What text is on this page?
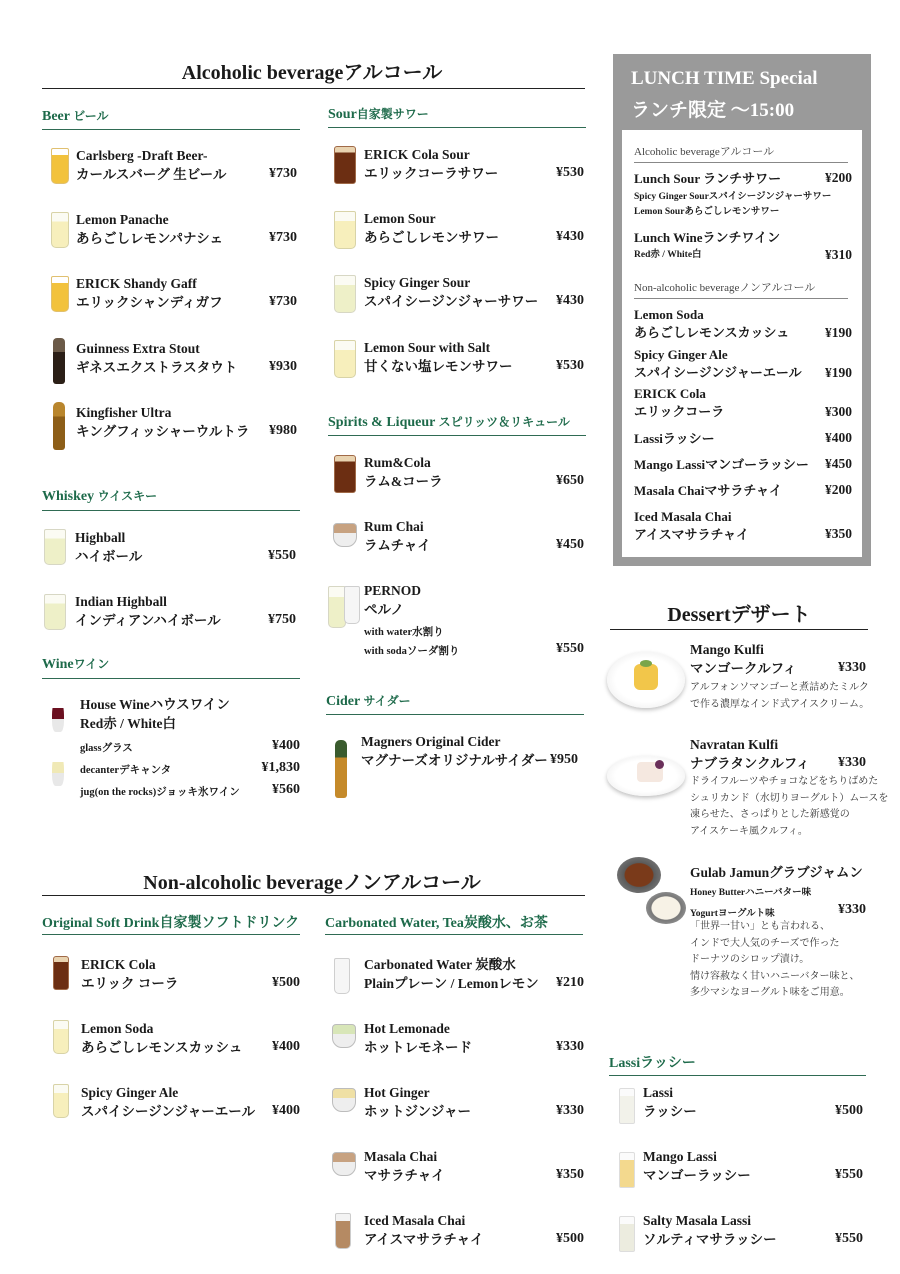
Alcoholic beverageアルコール
Beer ビール
Carlsberg -Draft Beer-
カールスバーグ 生ビール	¥730
Lemon Panache
あらごしレモンパナシェ	¥730
ERICK Shandy Gaff
エリックシャンディガフ	¥730
Guinness Extra Stout
ギネスエクストラスタウト	¥930
Kingfisher Ultra
キングフィッシャーウルトラ	¥980
Whiskey ウイスキー
Highball
ハイボール	¥550
Indian Highball
インディアンハイボール	¥750
Wineワイン
House Wineハウスワイン
Red赤 / White白
glassグラス	¥400
decanterデキャンタ	¥1,830
jug(on the rocks)ジョッキ氷ワイン	¥560
Sour自家製サワー
ERICK Cola Sour
エリックコーラサワー	¥530
Lemon Sour
あらごしレモンサワー	¥430
Spicy Ginger Sour
スパイシージンジャーサワー	¥430
Lemon Sour with Salt
甘くない塩レモンサワー	¥530
Spirits & Liqueur スピリッツ＆リキュール
Rum&Cola
ラム&コーラ	¥650
Rum Chai
ラムチャイ	¥450
PERNOD
ペルノ
with water水割り
with sodaソーダ割り	¥550
Cider サイダー
Magners Original Cider
マグナーズオリジナルサイダー ¥950
LUNCH TIME Special
ランチ限定 〜15:00
Alcoholic beverageアルコール
Lunch Sour ランチサワー	¥200
Spicy Ginger Sourスパイシージンジャーサワー
Lemon Sourあらごしレモンサワー
Lunch Wineランチワイン
Red赤 / White白	¥310
Non-alcoholic beverageノンアルコール
Lemon Soda
あらごしレモンスカッシュ	¥190
Spicy Ginger Ale
スパイシージンジャーエール ¥190
ERICK Cola
エリックコーラ	¥300
Lassiラッシー	¥400
Mango Lassiマンゴーラッシー ¥450
Masala Chaiマサラチャイ	¥200
Iced Masala Chai
アイスマサラチャイ	¥350
Dessertデザート
Mango Kulfi
マンゴークルフィ	¥330
アルフォンソマンゴーと煮詰めたミルク
で作る濃厚なインド式アイスクリーム。
Navratan Kulfi
ナブラタンクルフィ	¥330
ドライフルーツやチョコなどをちりばめた
シュリカンド（水切りヨーグルト）ムースを
凍らせた、さっぱりとした新感覚の
アイスケーキ風クルフィ。
Gulab Jamunグラブジャムン
Honey Butterハニーバター味
Yogurtヨーグルト味	¥330
「世界一甘い」とも言われる、
インドで大人気のチーズで作った
ドーナツのシロップ漬け。
情け容赦なく甘いハニーバター味と、
多少マシなヨーグルト味をご用意。
Non-alcoholic beverageノンアルコール
Original Soft Drink自家製ソフトドリンク
ERICK Cola
エリック コーラ	¥500
Lemon Soda
あらごしレモンスカッシュ	¥400
Spicy Ginger Ale
スパイシージンジャーエール	¥400
Carbonated Water, Tea炭酸水、お茶
Carbonated Water 炭酸水
Plainプレーン / Lemonレモン	¥210
Hot Lemonade
ホットレモネード	¥330
Hot Ginger
ホットジンジャー	¥330
Masala Chai
マサラチャイ	¥350
Iced Masala Chai
アイスマサラチャイ	¥500
Lassiラッシー
Lassi
ラッシー	¥500
Mango Lassi
マンゴーラッシー	¥550
Salty Masala Lassi
ソルティマサラッシー	¥550
